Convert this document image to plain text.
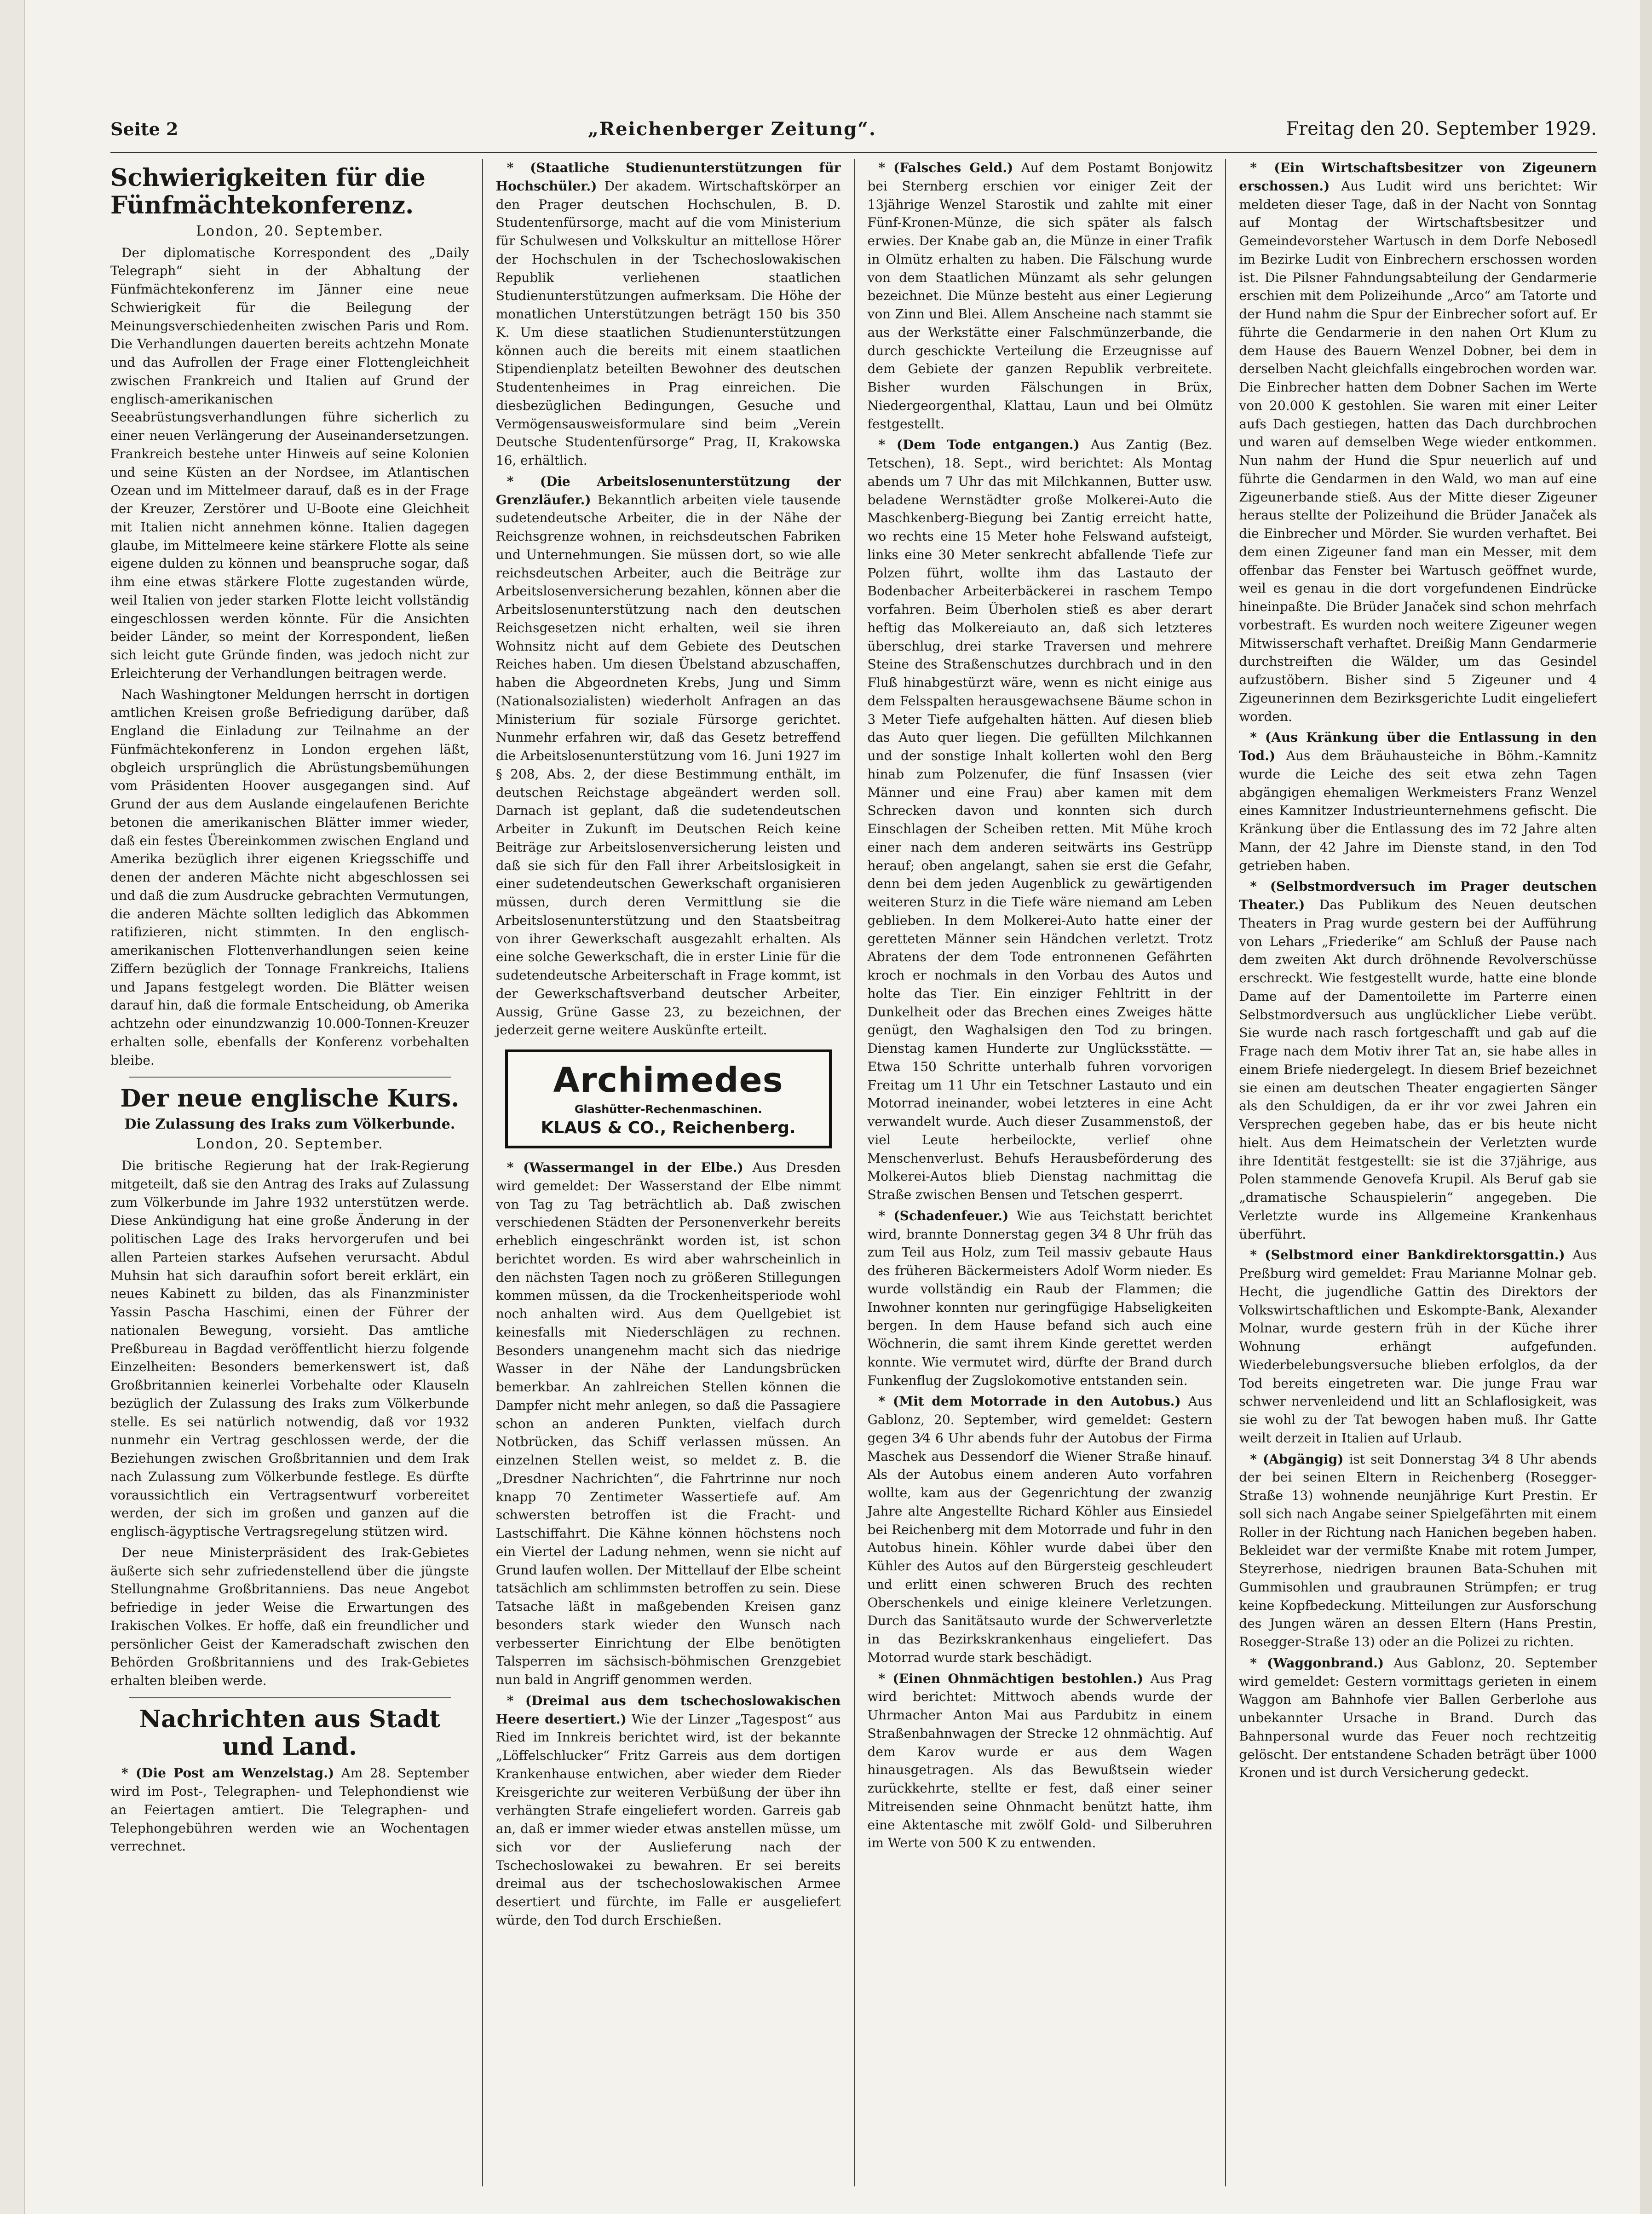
Seite 2	„Reichenberger Zeitung“.	Freitag den 20. September 1929.
Schwierigkeiten für die Fünfmächtekonferenz.
London, 20. September.

Der diplomatische Korrespondent des „Daily Telegraph“ sieht in der Abhaltung der Fünfmächtekonferenz im Jänner eine neue Schwierigkeit für die Beilegung der Meinungsverschiedenheiten zwischen Paris und Rom. Die Verhandlungen dauerten bereits achtzehn Monate und das Aufrollen der Frage einer Flottengleichheit zwischen Frankreich und Italien auf Grund der englisch-amerikanischen Seeabrüstungsverhandlungen führe sicherlich zu einer neuen Verlängerung der Auseinandersetzungen. Frankreich bestehe unter Hinweis auf seine Kolonien und seine Küsten an der Nordsee, im Atlantischen Ozean und im Mittelmeer darauf, daß es in der Frage der Kreuzer, Zerstörer und U-Boote eine Gleichheit mit Italien nicht annehmen könne. Italien dagegen glaube, im Mittelmeere keine stärkere Flotte als seine eigene dulden zu können und beanspruche sogar, daß ihm eine etwas stärkere Flotte zugestanden würde, weil Italien von jeder starken Flotte leicht vollständig eingeschlossen werden könnte. Für die Ansichten beider Länder, so meint der Korrespondent, ließen sich leicht gute Gründe finden, was jedoch nicht zur Erleichterung der Verhandlungen beitragen werde.

Nach Washingtoner Meldungen herrscht in dortigen amtlichen Kreisen große Befriedigung darüber, daß England die Einladung zur Teilnahme an der Fünfmächtekonferenz in London ergehen läßt, obgleich ursprünglich die Abrüstungsbemühungen vom Präsidenten Hoover ausgegangen sind. Auf Grund der aus dem Auslande eingelaufenen Berichte betonen die amerikanischen Blätter immer wieder, daß ein festes Übereinkommen zwischen England und Amerika bezüglich ihrer eigenen Kriegsschiffe und denen der anderen Mächte nicht abgeschlossen sei und daß die zum Ausdrucke gebrachten Vermutungen, die anderen Mächte sollten lediglich das Abkommen ratifizieren, nicht stimmten. In den englisch-amerikanischen Flottenverhandlungen seien keine Ziffern bezüglich der Tonnage Frankreichs, Italiens und Japans festgelegt worden. Die Blätter weisen darauf hin, daß die formale Entscheidung, ob Amerika achtzehn oder einundzwanzig 10.000-Tonnen-Kreuzer erhalten solle, ebenfalls der Konferenz vorbehalten bleibe.

Der neue englische Kurs.
Die Zulassung des Iraks zum Völkerbunde.
London, 20. September.

Die britische Regierung hat der Irak-Regierung mitgeteilt, daß sie den Antrag des Iraks auf Zulassung zum Völkerbunde im Jahre 1932 unterstützen werde. Diese Ankündigung hat eine große Änderung in der politischen Lage des Iraks hervorgerufen und bei allen Parteien starkes Aufsehen verursacht. Abdul Muhsin hat sich daraufhin sofort bereit erklärt, ein neues Kabinett zu bilden, das als Finanzminister Yassin Pascha Haschimi, einen der Führer der nationalen Bewegung, vorsieht. Das amtliche Preßbureau in Bagdad veröffentlicht hierzu folgende Einzelheiten: Besonders bemerkenswert ist, daß Großbritannien keinerlei Vorbehalte oder Klauseln bezüglich der Zulassung des Iraks zum Völkerbunde stelle. Es sei natürlich notwendig, daß vor 1932 nunmehr ein Vertrag geschlossen werde, der die Beziehungen zwischen Großbritannien und dem Irak nach Zulassung zum Völkerbunde festlege. Es dürfte voraussichtlich ein Vertragsentwurf vorbereitet werden, der sich im großen und ganzen auf die englisch-ägyptische Vertragsregelung stützen wird.

Der neue Ministerpräsident des Irak-Gebietes äußerte sich sehr zufriedenstellend über die jüngste Stellungnahme Großbritanniens. Das neue Angebot befriedige in jeder Weise die Erwartungen des Irakischen Volkes. Er hoffe, daß ein freundlicher und persönlicher Geist der Kameradschaft zwischen den Behörden Großbritanniens und des Irak-Gebietes erhalten bleiben werde.

Nachrichten aus Stadt und Land.

* (Die Post am Wenzelstag.) Am 28. September wird im Post-, Telegraphen- und Telephondienst wie an Feiertagen amtiert. Die Telegraphen- und Telephongebühren werden wie an Wochentagen verrechnet.

* (Staatliche Studienunterstützungen für Hochschüler.) Der akadem. Wirtschaftskörper an den Prager deutschen Hochschulen, B. D. Studentenfürsorge, macht auf die vom Ministerium für Schulwesen und Volkskultur an mittellose Hörer der Hochschulen in der Tschechoslowakischen Republik verliehenen staatlichen Studienunterstützungen aufmerksam. Die Höhe der monatlichen Unterstützungen beträgt 150 bis 350 K. Um diese staatlichen Studienunterstützungen können auch die bereits mit einem staatlichen Stipendienplatz beteilten Bewohner des deutschen Studentenheimes in Prag einreichen. Die diesbezüglichen Bedingungen, Gesuche und Vermögensausweisformulare sind beim „Verein Deutsche Studentenfürsorge“ Prag, II, Krakowska 16, erhältlich.

* (Die Arbeitslosenunterstützung der Grenzläufer.) Bekanntlich arbeiten viele tausende sudetendeutsche Arbeiter, die in der Nähe der Reichsgrenze wohnen, in reichsdeutschen Fabriken und Unternehmungen. Sie müssen dort, so wie alle reichsdeutschen Arbeiter, auch die Beiträge zur Arbeitslosenversicherung bezahlen, können aber die Arbeitslosenunterstützung nach den deutschen Reichsgesetzen nicht erhalten, weil sie ihren Wohnsitz nicht auf dem Gebiete des Deutschen Reiches haben. Um diesen Übelstand abzuschaffen, haben die Abgeordneten Krebs, Jung und Simm (Nationalsozialisten) wiederholt Anfragen an das Ministerium für soziale Fürsorge gerichtet. Nunmehr erfahren wir, daß das Gesetz betreffend die Arbeitslosenunterstützung vom 16. Juni 1927 im § 208, Abs. 2, der diese Bestimmung enthält, im deutschen Reichstage abgeändert werden soll. Darnach ist geplant, daß die sudetendeutschen Arbeiter in Zukunft im Deutschen Reich keine Beiträge zur Arbeitslosenversicherung leisten und daß sie sich für den Fall ihrer Arbeitslosigkeit in einer sudetendeutschen Gewerkschaft organisieren müssen, durch deren Vermittlung sie die Arbeitslosenunterstützung und den Staatsbeitrag von ihrer Gewerkschaft ausgezahlt erhalten. Als eine solche Gewerkschaft, die in erster Linie für die sudetendeutsche Arbeiterschaft in Frage kommt, ist der Gewerkschaftsverband deutscher Arbeiter, Aussig, Grüne Gasse 23, zu bezeichnen, der jederzeit gerne weitere Auskünfte erteilt.

Archimedes
Glashütter-Rechenmaschinen.
KLAUS & CO., Reichenberg.

* (Wassermangel in der Elbe.) Aus Dresden wird gemeldet: Der Wasserstand der Elbe nimmt von Tag zu Tag beträchtlich ab. Daß zwischen verschiedenen Städten der Personenverkehr bereits erheblich eingeschränkt worden ist, ist schon berichtet worden. Es wird aber wahrscheinlich in den nächsten Tagen noch zu größeren Stillegungen kommen müssen, da die Trockenheitsperiode wohl noch anhalten wird. Aus dem Quellgebiet ist keinesfalls mit Niederschlägen zu rechnen. Besonders unangenehm macht sich das niedrige Wasser in der Nähe der Landungsbrücken bemerkbar. An zahlreichen Stellen können die Dampfer nicht mehr anlegen, so daß die Passagiere schon an anderen Punkten, vielfach durch Notbrücken, das Schiff verlassen müssen. An einzelnen Stellen weist, so meldet z. B. die „Dresdner Nachrichten“, die Fahrtrinne nur noch knapp 70 Zentimeter Wassertiefe auf. Am schwersten betroffen ist die Fracht- und Lastschiffahrt. Die Kähne können höchstens noch ein Viertel der Ladung nehmen, wenn sie nicht auf Grund laufen wollen. Der Mittellauf der Elbe scheint tatsächlich am schlimmsten betroffen zu sein. Diese Tatsache läßt in maßgebenden Kreisen ganz besonders stark wieder den Wunsch nach verbesserter Einrichtung der Elbe benötigten Talsperren im sächsisch-böhmischen Grenzgebiet nun bald in Angriff genommen werden.

* (Dreimal aus dem tschechoslowakischen Heere desertiert.) Wie der Linzer „Tagespost“ aus Ried im Innkreis berichtet wird, ist der bekannte „Löffelschlucker“ Fritz Garreis aus dem dortigen Krankenhause entwichen, aber wieder dem Rieder Kreisgerichte zur weiteren Verbüßung der über ihn verhängten Strafe eingeliefert worden. Garreis gab an, daß er immer wieder etwas anstellen müsse, um sich vor der Auslieferung nach der Tschechoslowakei zu bewahren. Er sei bereits dreimal aus der tschechoslowakischen Armee desertiert und fürchte, im Falle er ausgeliefert würde, den Tod durch Erschießen.

* (Falsches Geld.) Auf dem Postamt Bonjowitz bei Sternberg erschien vor einiger Zeit der 13jährige Wenzel Starostik und zahlte mit einer Fünf-Kronen-Münze, die sich später als falsch erwies. Der Knabe gab an, die Münze in einer Trafik in Olmütz erhalten zu haben. Die Fälschung wurde von dem Staatlichen Münzamt als sehr gelungen bezeichnet. Die Münze besteht aus einer Legierung von Zinn und Blei. Allem Anscheine nach stammt sie aus der Werkstätte einer Falschmünzerbande, die durch geschickte Verteilung die Erzeugnisse auf dem Gebiete der ganzen Republik verbreitete. Bisher wurden Fälschungen in Brüx, Niedergeorgenthal, Klattau, Laun und bei Olmütz festgestellt.

* (Dem Tode entgangen.) Aus Zantig (Bez. Tetschen), 18. Sept., wird berichtet: Als Montag abends um 7 Uhr das mit Milchkannen, Butter usw. beladene Wernstädter große Molkerei-Auto die Maschkenberg-Biegung bei Zantig erreicht hatte, wo rechts eine 15 Meter hohe Felswand aufsteigt, links eine 30 Meter senkrecht abfallende Tiefe zur Polzen führt, wollte ihm das Lastauto der Bodenbacher Arbeiterbäckerei in raschem Tempo vorfahren. Beim Überholen stieß es aber derart heftig das Molkereiauto an, daß sich letzteres überschlug, drei starke Traversen und mehrere Steine des Straßenschutzes durchbrach und in den Fluß hinabgestürzt wäre, wenn es nicht einige aus dem Felsspalten herausgewachsene Bäume schon in 3 Meter Tiefe aufgehalten hätten. Auf diesen blieb das Auto quer liegen. Die gefüllten Milchkannen und der sonstige Inhalt kollerten wohl den Berg hinab zum Polzenufer, die fünf Insassen (vier Männer und eine Frau) aber kamen mit dem Schrecken davon und konnten sich durch Einschlagen der Scheiben retten. Mit Mühe kroch einer nach dem anderen seitwärts ins Gestrüpp herauf; oben angelangt, sahen sie erst die Gefahr, denn bei dem jeden Augenblick zu gewärtigenden weiteren Sturz in die Tiefe wäre niemand am Leben geblieben. In dem Molkerei-Auto hatte einer der geretteten Männer sein Händchen verletzt. Trotz Abratens der dem Tode entronnenen Gefährten kroch er nochmals in den Vorbau des Autos und holte das Tier. Ein einziger Fehltritt in der Dunkelheit oder das Brechen eines Zweiges hätte genügt, den Waghalsigen den Tod zu bringen. Dienstag kamen Hunderte zur Unglücksstätte. — Etwa 150 Schritte unterhalb fuhren vorvorigen Freitag um 11 Uhr ein Tetschner Lastauto und ein Motorrad ineinander, wobei letzteres in eine Acht verwandelt wurde. Auch dieser Zusammenstoß, der viel Leute herbeilockte, verlief ohne Menschenverlust. Behufs Herausbeförderung des Molkerei-Autos blieb Dienstag nachmittag die Straße zwischen Bensen und Tetschen gesperrt.

* (Schadenfeuer.) Wie aus Teichstatt berichtet wird, brannte Donnerstag gegen 3⁄4 8 Uhr früh das zum Teil aus Holz, zum Teil massiv gebaute Haus des früheren Bäckermeisters Adolf Worm nieder. Es wurde vollständig ein Raub der Flammen; die Inwohner konnten nur geringfügige Habseligkeiten bergen. In dem Hause befand sich auch eine Wöchnerin, die samt ihrem Kinde gerettet werden konnte. Wie vermutet wird, dürfte der Brand durch Funkenflug der Zugslokomotive entstanden sein.

* (Mit dem Motorrade in den Autobus.) Aus Gablonz, 20. September, wird gemeldet: Gestern gegen 3⁄4 6 Uhr abends fuhr der Autobus der Firma Maschek aus Dessendorf die Wiener Straße hinauf. Als der Autobus einem anderen Auto vorfahren wollte, kam aus der Gegenrichtung der zwanzig Jahre alte Angestellte Richard Köhler aus Einsiedel bei Reichenberg mit dem Motorrade und fuhr in den Autobus hinein. Köhler wurde dabei über den Kühler des Autos auf den Bürgersteig geschleudert und erlitt einen schweren Bruch des rechten Oberschenkels und einige kleinere Verletzungen. Durch das Sanitätsauto wurde der Schwerverletzte in das Bezirkskrankenhaus eingeliefert. Das Motorrad wurde stark beschädigt.

* (Einen Ohnmächtigen bestohlen.) Aus Prag wird berichtet: Mittwoch abends wurde der Uhrmacher Anton Mai aus Pardubitz in einem Straßenbahnwagen der Strecke 12 ohnmächtig. Auf dem Karov wurde er aus dem Wagen hinausgetragen. Als das Bewußtsein wieder zurückkehrte, stellte er fest, daß einer seiner Mitreisenden seine Ohnmacht benützt hatte, ihm eine Aktentasche mit zwölf Gold- und Silberuhren im Werte von 500 K zu entwenden.

* (Ein Wirtschaftsbesitzer von Zigeunern erschossen.) Aus Ludit wird uns berichtet: Wir meldeten dieser Tage, daß in der Nacht von Sonntag auf Montag der Wirtschaftsbesitzer und Gemeindevorsteher Wartusch in dem Dorfe Nebosedl im Bezirke Ludit von Einbrechern erschossen worden ist. Die Pilsner Fahndungsabteilung der Gendarmerie erschien mit dem Polizeihunde „Arco“ am Tatorte und der Hund nahm die Spur der Einbrecher sofort auf. Er führte die Gendarmerie in den nahen Ort Klum zu dem Hause des Bauern Wenzel Dobner, bei dem in derselben Nacht gleichfalls eingebrochen worden war. Die Einbrecher hatten dem Dobner Sachen im Werte von 20.000 K gestohlen. Sie waren mit einer Leiter aufs Dach gestiegen, hatten das Dach durchbrochen und waren auf demselben Wege wieder entkommen. Nun nahm der Hund die Spur neuerlich auf und führte die Gendarmen in den Wald, wo man auf eine Zigeunerbande stieß. Aus der Mitte dieser Zigeuner heraus stellte der Polizeihund die Brüder Janaček als die Einbrecher und Mörder. Sie wurden verhaftet. Bei dem einen Zigeuner fand man ein Messer, mit dem offenbar das Fenster bei Wartusch geöffnet wurde, weil es genau in die dort vorgefundenen Eindrücke hineinpaßte. Die Brüder Janaček sind schon mehrfach vorbestraft. Es wurden noch weitere Zigeuner wegen Mitwisserschaft verhaftet. Dreißig Mann Gendarmerie durchstreiften die Wälder, um das Gesindel aufzustöbern. Bisher sind 5 Zigeuner und 4 Zigeunerinnen dem Bezirksgerichte Ludit eingeliefert worden.

* (Aus Kränkung über die Entlassung in den Tod.) Aus dem Bräuhausteiche in Böhm.-Kamnitz wurde die Leiche des seit etwa zehn Tagen abgängigen ehemaligen Werkmeisters Franz Wenzel eines Kamnitzer Industrieunternehmens gefischt. Die Kränkung über die Entlassung des im 72 Jahre alten Mann, der 42 Jahre im Dienste stand, in den Tod getrieben haben.

* (Selbstmordversuch im Prager deutschen Theater.) Das Publikum des Neuen deutschen Theaters in Prag wurde gestern bei der Aufführung von Lehars „Friederike“ am Schluß der Pause nach dem zweiten Akt durch dröhnende Revolverschüsse erschreckt. Wie festgestellt wurde, hatte eine blonde Dame auf der Damentoilette im Parterre einen Selbstmordversuch aus unglücklicher Liebe verübt. Sie wurde nach rasch fortgeschafft und gab auf die Frage nach dem Motiv ihrer Tat an, sie habe alles in einem Briefe niedergelegt. In diesem Brief bezeichnet sie einen am deutschen Theater engagierten Sänger als den Schuldigen, da er ihr vor zwei Jahren ein Versprechen gegeben habe, das er bis heute nicht hielt. Aus dem Heimatschein der Verletzten wurde ihre Identität festgestellt: sie ist die 37jährige, aus Polen stammende Genovefa Krupil. Als Beruf gab sie „dramatische Schauspielerin“ angegeben. Die Verletzte wurde ins Allgemeine Krankenhaus überführt.

* (Selbstmord einer Bankdirektorsgattin.) Aus Preßburg wird gemeldet: Frau Marianne Molnar geb. Hecht, die jugendliche Gattin des Direktors der Volkswirtschaftlichen und Eskompte-Bank, Alexander Molnar, wurde gestern früh in der Küche ihrer Wohnung erhängt aufgefunden. Wiederbelebungsversuche blieben erfolglos, da der Tod bereits eingetreten war. Die junge Frau war schwer nervenleidend und litt an Schlaflosigkeit, was sie wohl zu der Tat bewogen haben muß. Ihr Gatte weilt derzeit in Italien auf Urlaub.

* (Abgängig) ist seit Donnerstag 3⁄4 8 Uhr abends der bei seinen Eltern in Reichenberg (Rosegger-Straße 13) wohnende neunjährige Kurt Prestin. Er soll sich nach Angabe seiner Spielgefährten mit einem Roller in der Richtung nach Hanichen begeben haben. Bekleidet war der vermißte Knabe mit rotem Jumper, Steyrerhose, niedrigen braunen Bata-Schuhen mit Gummisohlen und graubraunen Strümpfen; er trug keine Kopfbedeckung. Mitteilungen zur Ausforschung des Jungen wären an dessen Eltern (Hans Prestin, Rosegger-Straße 13) oder an die Polizei zu richten.

* (Waggonbrand.) Aus Gablonz, 20. September wird gemeldet: Gestern vormittags gerieten in einem Waggon am Bahnhofe vier Ballen Gerberlohe aus unbekannter Ursache in Brand. Durch das Bahnpersonal wurde das Feuer noch rechtzeitig gelöscht. Der entstandene Schaden beträgt über 1000 Kronen und ist durch Versicherung gedeckt.
